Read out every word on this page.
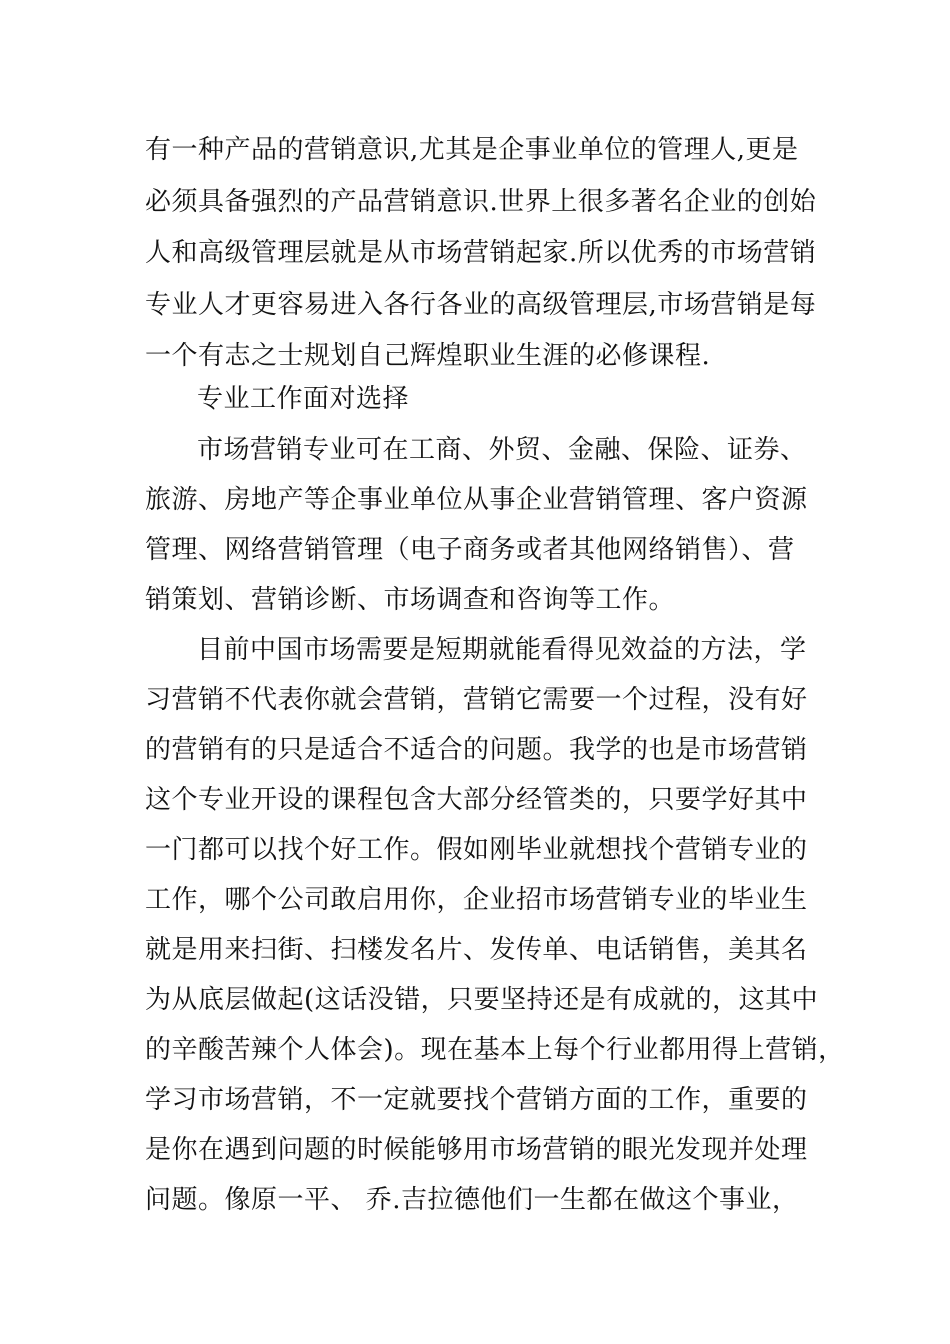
有一种产品的营销意识,尤其是企事业单位的管理人,更是
必须具备强烈的产品营销意识.世界上很多著名企业的创始
人和高级管理层就是从市场营销起家.所以优秀的市场营销
专业人才更容易进入各行各业的高级管理层,市场营销是每
一个有志之士规划自己辉煌职业生涯的必修课程.
专业工作面对选择
市场营销专业可在工商、外贸、金融、保险、证券、
旅游、房地产等企事业单位从事企业营销管理、客户资源
管理、网络营销管理（电子商务或者其他网络销售）、营
销策划、营销诊断、市场调查和咨询等工作。
目前中国市场需要是短期就能看得见效益的方法，学
习营销不代表你就会营销，营销它需要一个过程，没有好
的营销有的只是适合不适合的问题。我学的也是市场营销
这个专业开设的课程包含大部分经管类的，只要学好其中
一门都可以找个好工作。假如刚毕业就想找个营销专业的
工作，哪个公司敢启用你，企业招市场营销专业的毕业生
就是用来扫街、扫楼发名片、发传单、电话销售，美其名
为从底层做起(这话没错，只要坚持还是有成就的，这其中
的辛酸苦辣个人体会)。现在基本上每个行业都用得上营销，
学习市场营销，不一定就要找个营销方面的工作，重要的
是你在遇到问题的时候能够用市场营销的眼光发现并处理
问题。像原一平、 乔.吉拉德他们一生都在做这个事业，
